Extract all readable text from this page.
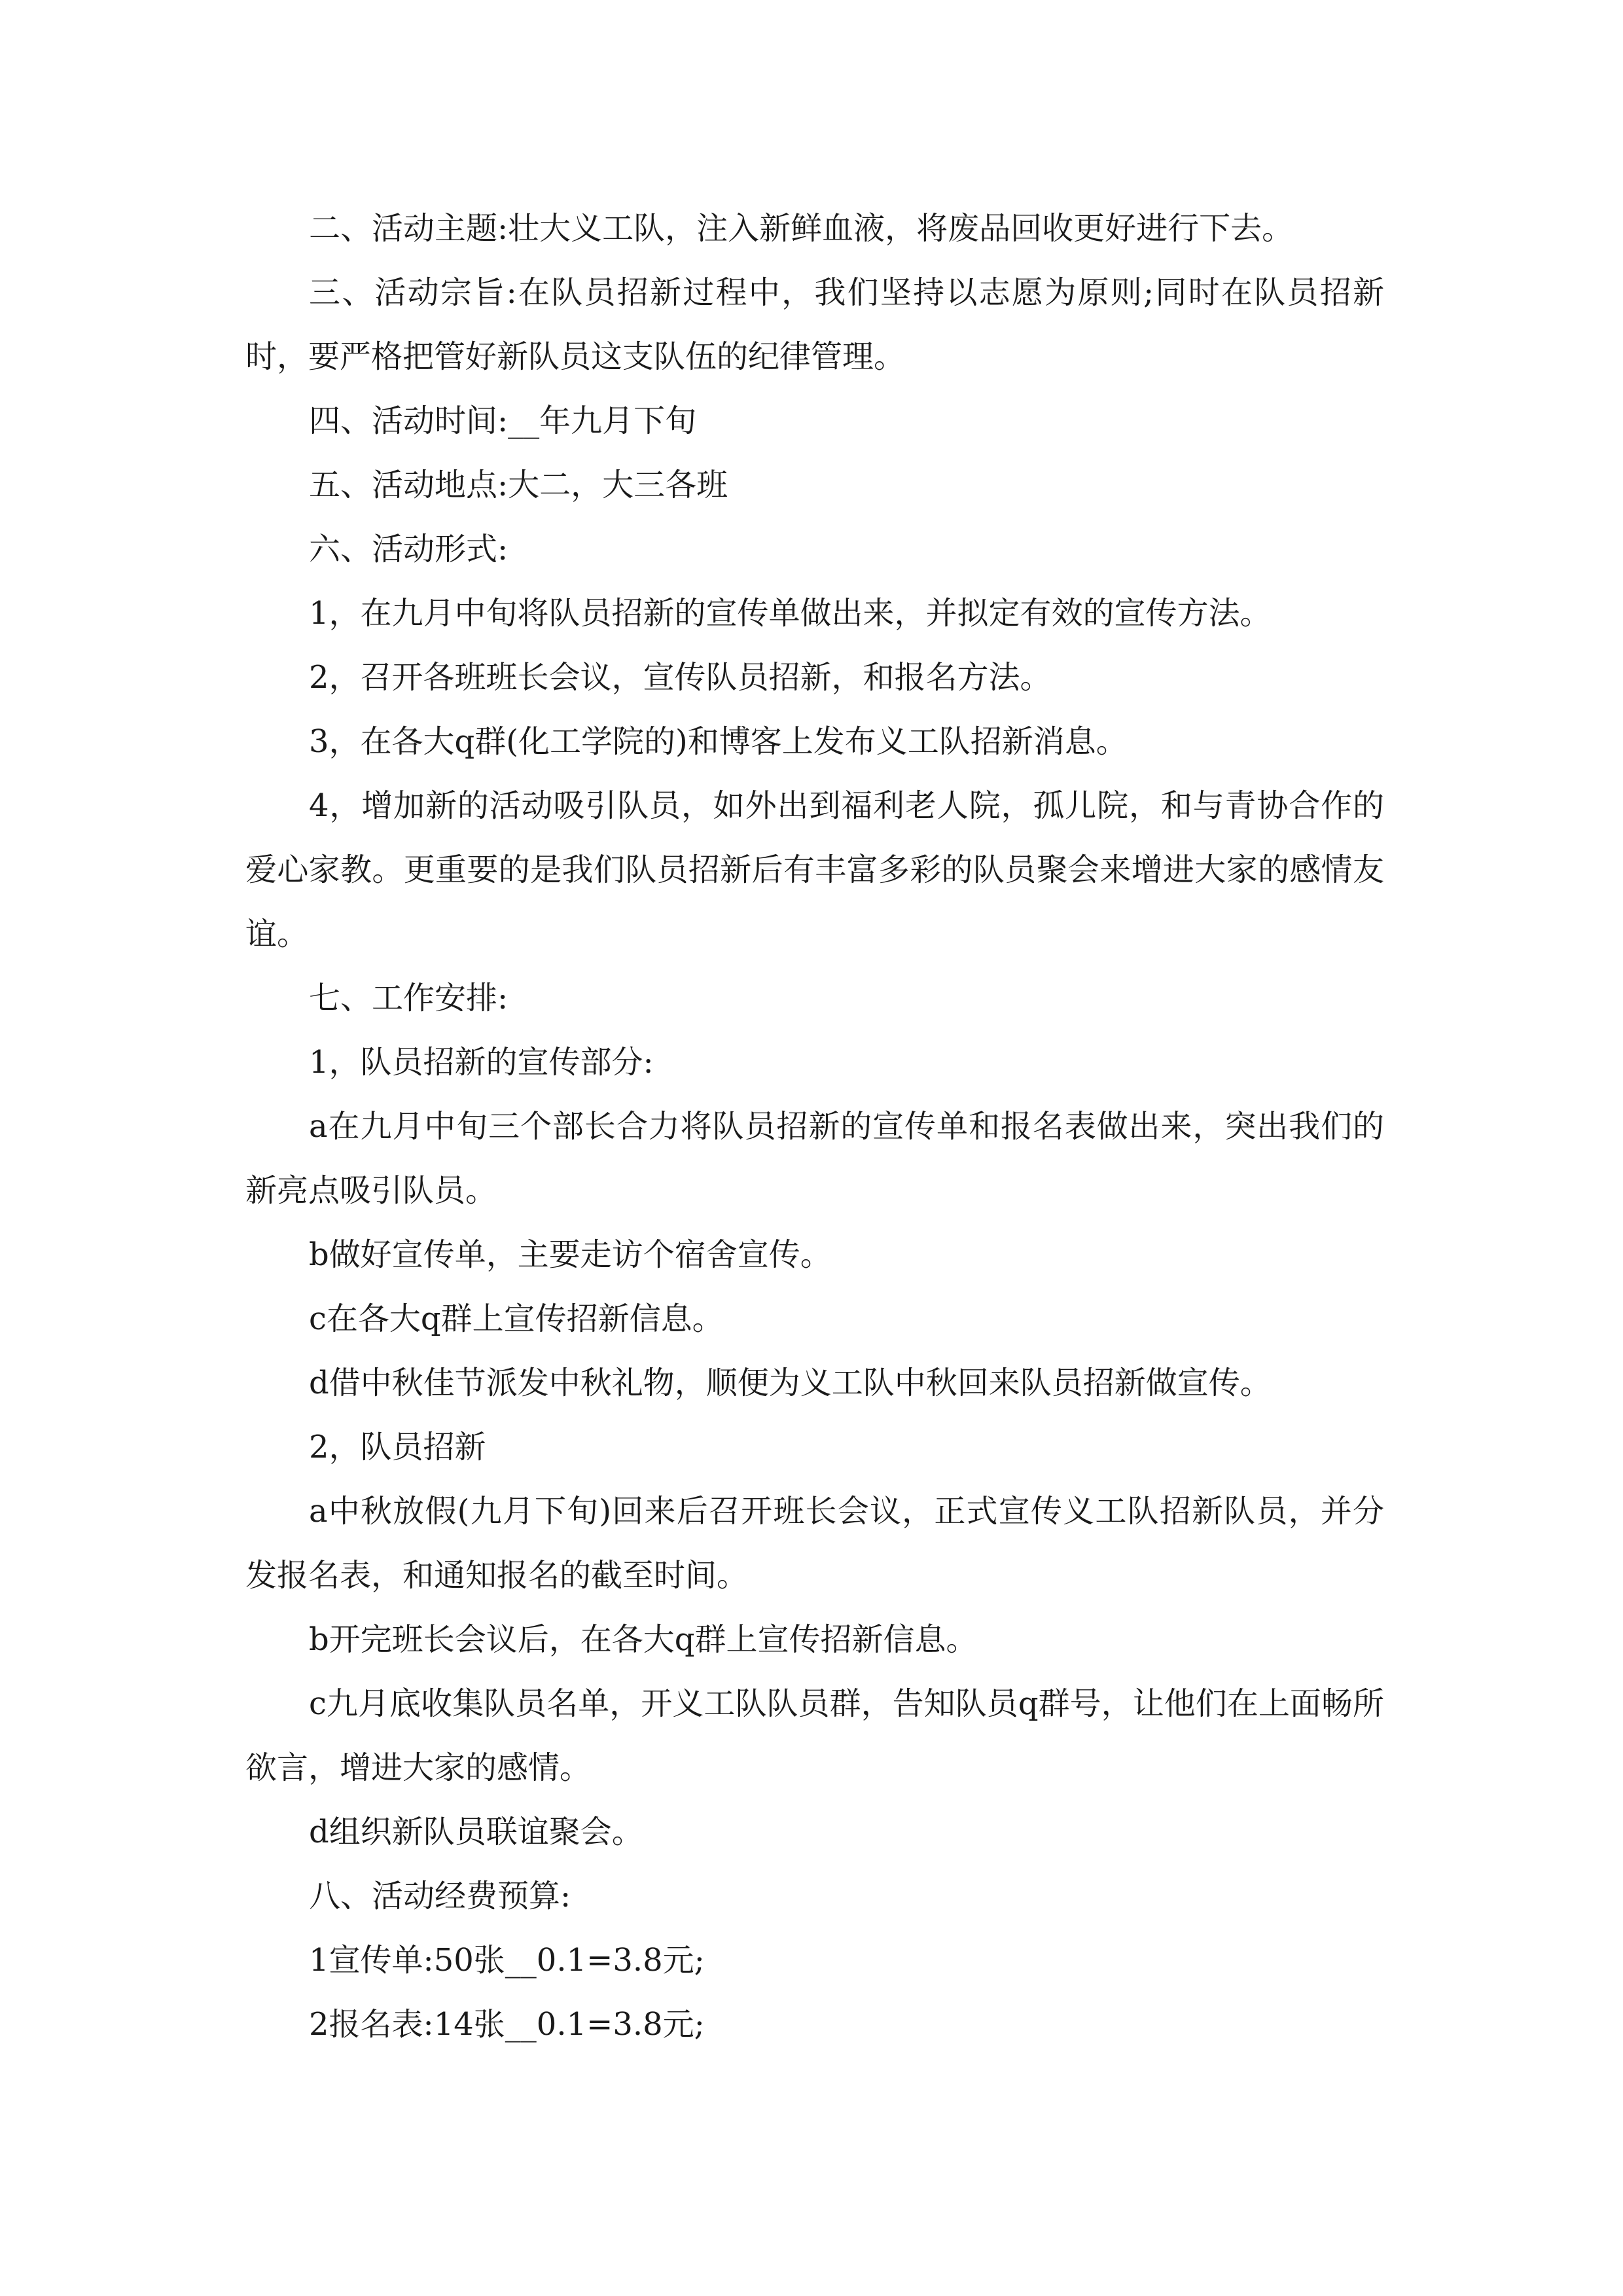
二、活动主题:壮大义工队，注入新鲜血液，将废品回收更好进行下去。

三、活动宗旨:在队员招新过程中，我们坚持以志愿为原则;同时在队员招新时，要严格把管好新队员这支队伍的纪律管理。

四、活动时间:__年九月下旬

五、活动地点:大二，大三各班

六、活动形式:

1，在九月中旬将队员招新的宣传单做出来，并拟定有效的宣传方法。

2，召开各班班长会议，宣传队员招新，和报名方法。

3，在各大q群(化工学院的)和博客上发布义工队招新消息。

4，增加新的活动吸引队员，如外出到福利老人院，孤儿院，和与青协合作的爱心家教。更重要的是我们队员招新后有丰富多彩的队员聚会来增进大家的感情友谊。

七、工作安排:

1，队员招新的宣传部分:

a在九月中旬三个部长合力将队员招新的宣传单和报名表做出来，突出我们的新亮点吸引队员。

b做好宣传单，主要走访个宿舍宣传。

c在各大q群上宣传招新信息。

d借中秋佳节派发中秋礼物，顺便为义工队中秋回来队员招新做宣传。

2，队员招新

a中秋放假(九月下旬)回来后召开班长会议，正式宣传义工队招新队员，并分发报名表，和通知报名的截至时间。

b开完班长会议后，在各大q群上宣传招新信息。

c九月底收集队员名单，开义工队队员群，告知队员q群号，让他们在上面畅所欲言，增进大家的感情。

d组织新队员联谊聚会。

八、活动经费预算:

1宣传单:50张__0.1=3.8元;

2报名表:14张__0.1=3.8元;
